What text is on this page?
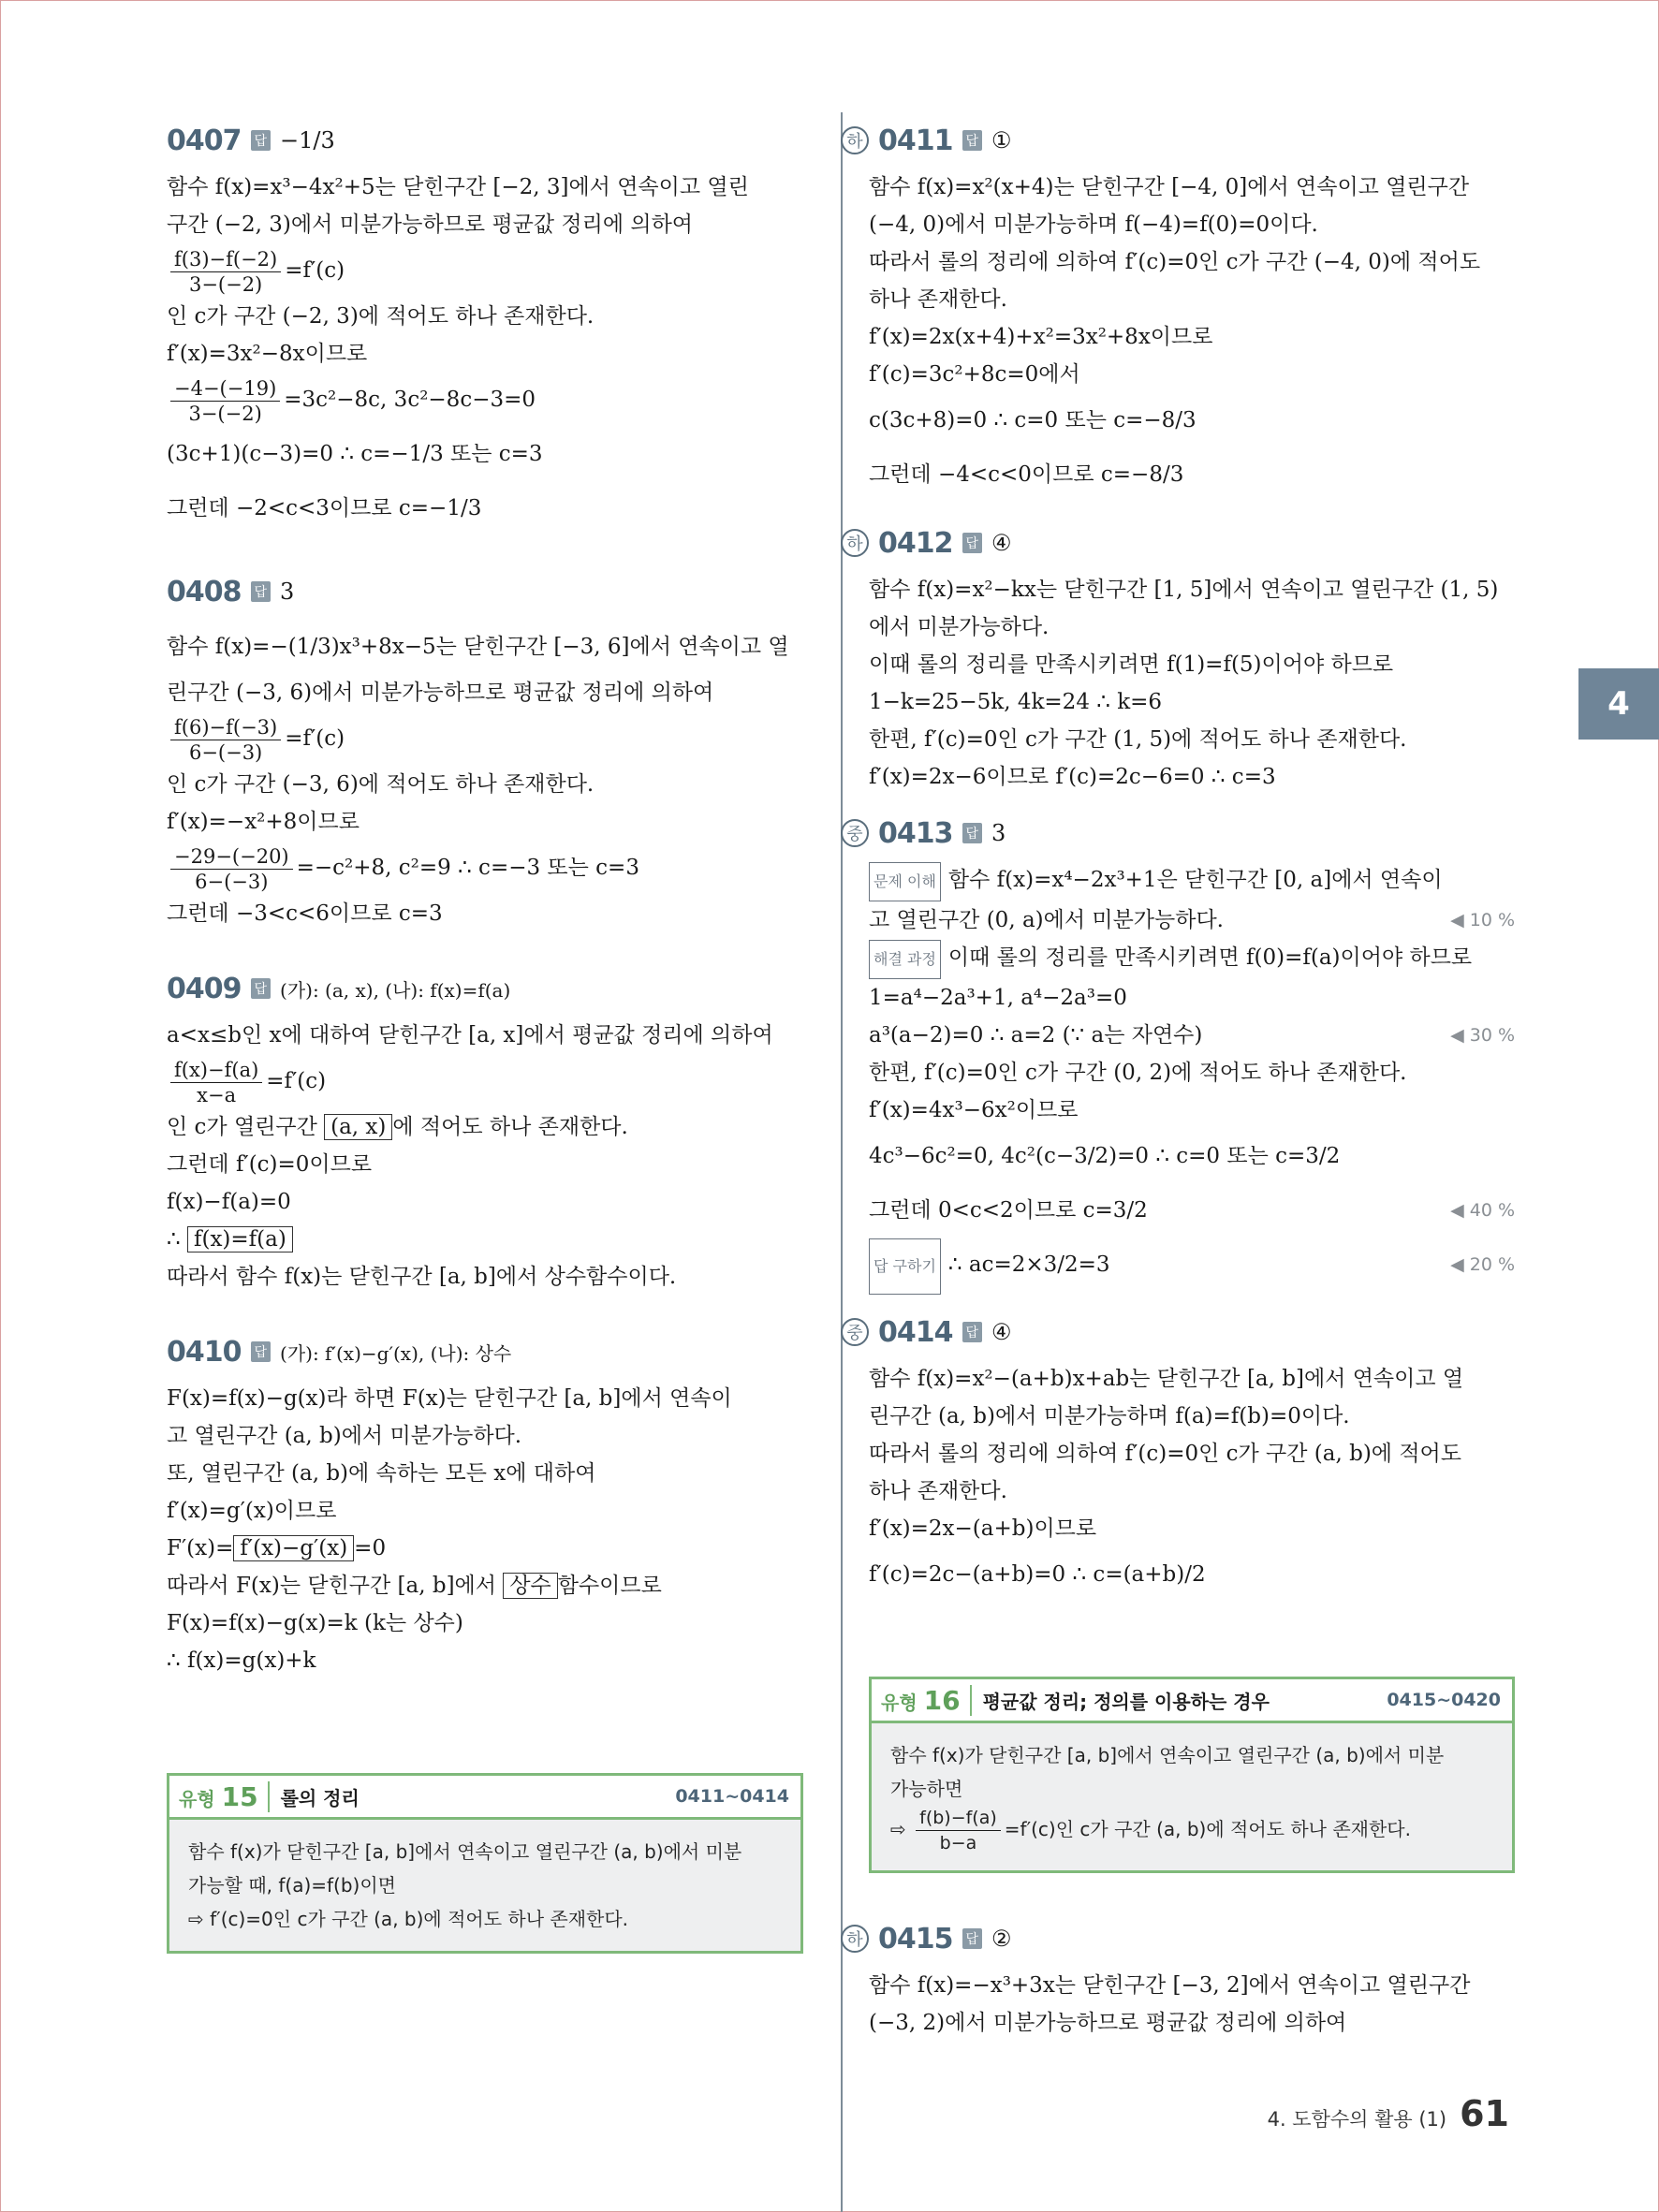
0407 답 −1/3
함수 f(x)=x³−4x²+5는 닫힌구간 [−2, 3]에서 연속이고 열린
구간 (−2, 3)에서 미분가능하므로 평균값 정리에 의하여
$\frac{f(3)-f(-2)}{3-(-2)} =f'(c)$
인 c가 구간 (−2, 3)에 적어도 하나 존재한다.
f′(x)=3x²−8x이므로
$\frac{-4-(-19)}{3-(-2)} =3c^2-8c$, 3c²−8c−3=0
(3c+1)(c−3)=0 ∴ c=−1/3 또는 c=3
그런데 −2<c<3이므로 c=−1/3
0408 답 3
함수 f(x)=−(1/3)x³+8x−5는 닫힌구간 [−3, 6]에서 연속이고 열
린구간 (−3, 6)에서 미분가능하므로 평균값 정리에 의하여
$\frac{f(6)-f(-3)}{6-(-3)} =f'(c)$
인 c가 구간 (−3, 6)에 적어도 하나 존재한다.
f′(x)=−x²+8이므로
$\frac{-29-(-20)}{6-(-3)} =-c^2+8$, c²=9 ∴ c=−3 또는 c=3
그런데 −3<c<6이므로 c=3
0409 답 (가): (a, x), (나): f(x)=f(a)
a<x≤b인 x에 대하여 닫힌구간 [a, x]에서 평균값 정리에 의하여
$\frac{f(x)-f(a)}{x-a} =f'(c)$
인 c가 열린구간 (a, x) 에 적어도 하나 존재한다.
그런데 f′(c)=0이므로
f(x)−f(a)=0
∴ f(x)=f(a)
따라서 함수 f(x)는 닫힌구간 [a, b]에서 상수함수이다.
0410 답 (가): f′(x)−g′(x), (나): 상수
F(x)=f(x)−g(x)라 하면 F(x)는 닫힌구간 [a, b]에서 연속이
고 열린구간 (a, b)에서 미분가능하다.
또, 열린구간 (a, b)에 속하는 모든 x에 대하여
f′(x)=g′(x)이므로
F′(x)= f′(x)−g′(x) =0
따라서 F(x)는 닫힌구간 [a, b]에서 상수 함수이므로
F(x)=f(x)−g(x)=k (k는 상수)
∴ f(x)=g(x)+k
유형 15	롤의 정리	0411~0414
함수 f(x)가 닫힌구간 [a, b]에서 연속이고 열린구간 (a, b)에서 미분
가능할 때, f(a)=f(b)이면
⇨ f′(c)=0인 c가 구간 (a, b)에 적어도 하나 존재한다.
하 0411 답 ①
함수 f(x)=x²(x+4)는 닫힌구간 [−4, 0]에서 연속이고 열린구간
(−4, 0)에서 미분가능하며 f(−4)=f(0)=0이다.
따라서 롤의 정리에 의하여 f′(c)=0인 c가 구간 (−4, 0)에 적어도
하나 존재한다.
f′(x)=2x(x+4)+x²=3x²+8x이므로
f′(c)=3c²+8c=0에서
c(3c+8)=0 ∴ c=0 또는 c=−8/3
그런데 −4<c<0이므로 c=−8/3
하 0412 답 ④
함수 f(x)=x²−kx는 닫힌구간 [1, 5]에서 연속이고 열린구간 (1, 5)
에서 미분가능하다.
이때 롤의 정리를 만족시키려면 f(1)=f(5)이어야 하므로
1−k=25−5k, 4k=24 ∴ k=6
한편, f′(c)=0인 c가 구간 (1, 5)에 적어도 하나 존재한다.
f′(x)=2x−6이므로 f′(c)=2c−6=0 ∴ c=3
중 0413 답 3
문제 이해 함수 f(x)=x⁴−2x³+1은 닫힌구간 [0, a]에서 연속이
고 열린구간 (0, a)에서 미분가능하다.	◀ 10 %
해결 과정 이때 롤의 정리를 만족시키려면 f(0)=f(a)이어야 하므로
1=a⁴−2a³+1, a⁴−2a³=0
a³(a−2)=0 ∴ a=2 (∵ a는 자연수)	◀ 30 %
한편, f′(c)=0인 c가 구간 (0, 2)에 적어도 하나 존재한다.
f′(x)=4x³−6x²이므로
4c³−6c²=0, 4c²(c−3/2)=0 ∴ c=0 또는 c=3/2
그런데 0<c<2이므로 c=3/2	◀ 40 %
답 구하기 ∴ ac=2×3/2=3	◀ 20 %
중 0414 답 ④
함수 f(x)=x²−(a+b)x+ab는 닫힌구간 [a, b]에서 연속이고 열
린구간 (a, b)에서 미분가능하며 f(a)=f(b)=0이다.
따라서 롤의 정리에 의하여 f′(c)=0인 c가 구간 (a, b)에 적어도
하나 존재한다.
f′(x)=2x−(a+b)이므로
f′(c)=2c−(a+b)=0 ∴ c=(a+b)/2
유형 16	평균값 정리; 정의를 이용하는 경우	0415~0420
함수 f(x)가 닫힌구간 [a, b]에서 연속이고 열린구간 (a, b)에서 미분
가능하면
⇨ $\frac{f(b)-f(a)}{b-a} =f'(c)$인 c가 구간 (a, b)에 적어도 하나 존재한다.
하 0415 답 ②
함수 f(x)=−x³+3x는 닫힌구간 [−3, 2]에서 연속이고 열린구간
(−3, 2)에서 미분가능하므로 평균값 정리에 의하여
4
4. 도함수의 활용 (1) 61
